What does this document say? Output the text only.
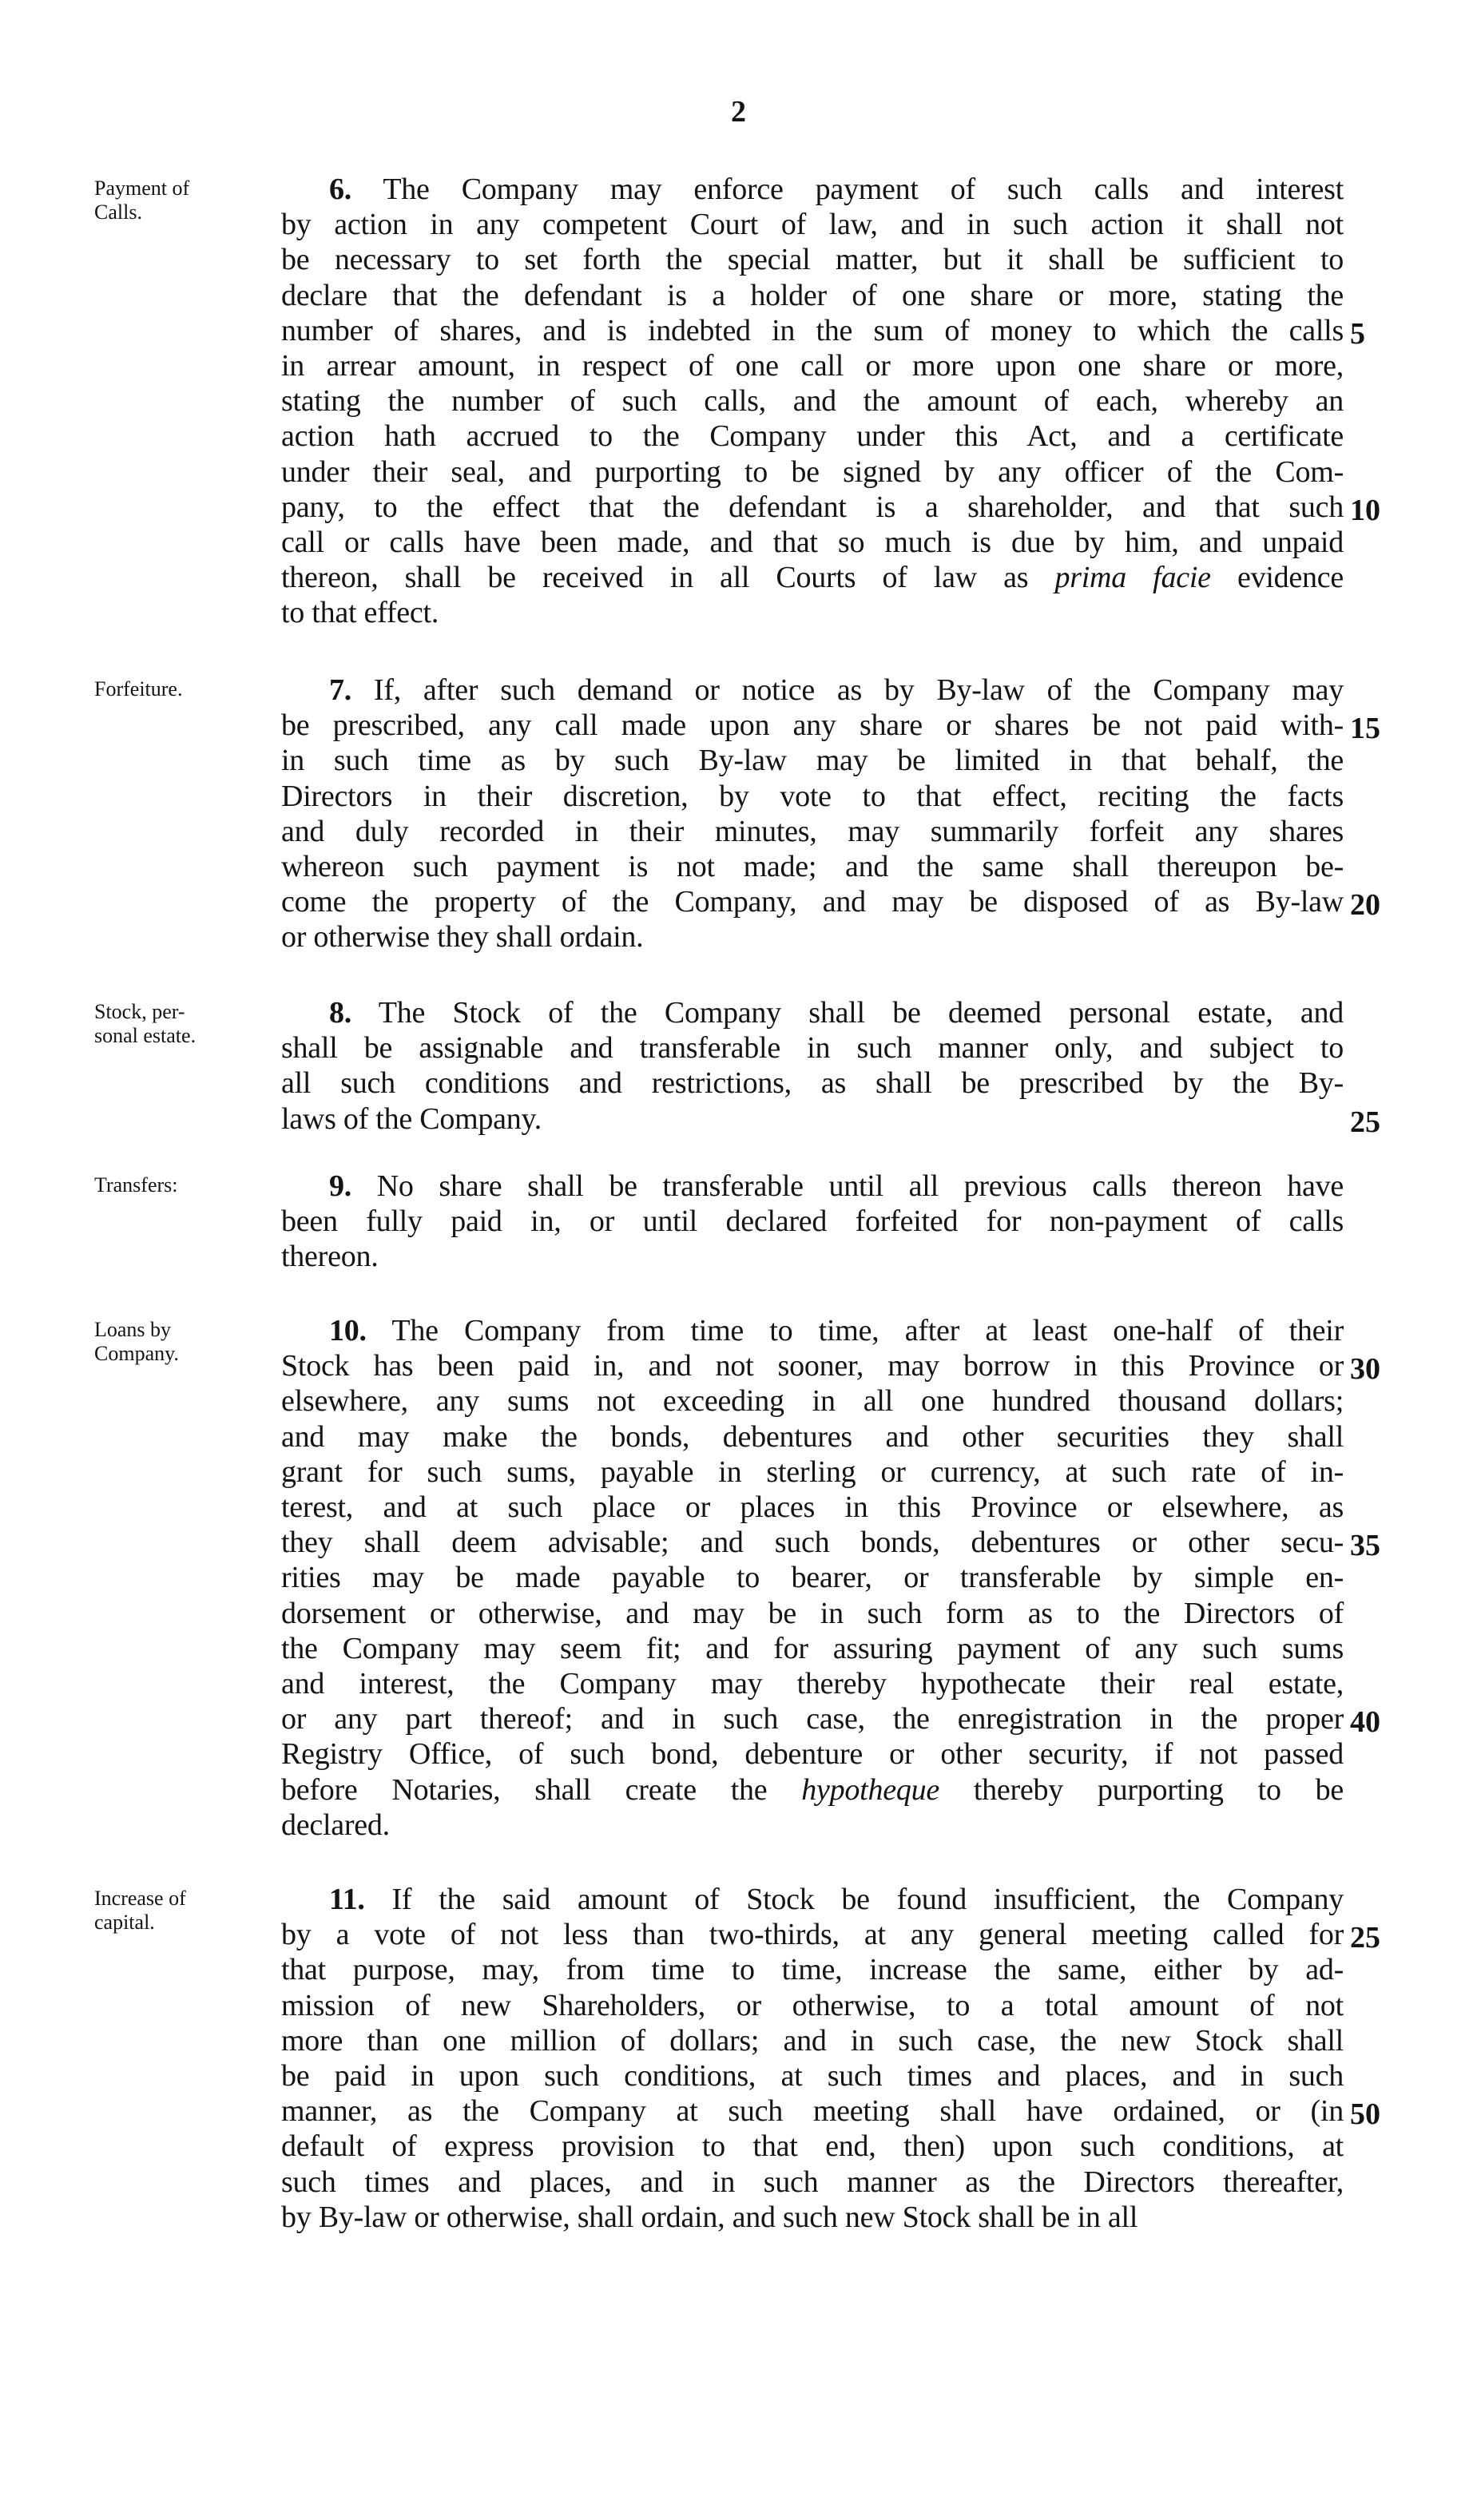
2
Payment of
Calls.
6. The Company may enforce payment of such calls and interest
by action in any competent Court of law, and in such action it shall not
be necessary to set forth the special matter, but it shall be sufficient to
declare that the defendant is a holder of one share or more, stating the
number of shares, and is indebted in the sum of money to which the calls
in arrear amount, in respect of one call or more upon one share or more,
stating the number of such calls, and the amount of each, whereby an
action hath accrued to the Company under this Act, and a certificate
under their seal, and purporting to be signed by any officer of the Com-
pany, to the effect that the defendant is a shareholder, and that such
call or calls have been made, and that so much is due by him, and unpaid
thereon, shall be received in all Courts of law as prima facie evidence
to that effect.
5
10
Forfeiture.	7. If, after such demand or notice as by By-law of the Company may
be prescribed, any call made upon any share or shares be not paid with-
in such time as by such By-law may be limited in that behalf, the
Directors in their discretion, by vote to that effect, reciting the facts
and duly recorded in their minutes, may summarily forfeit any shares
whereon such payment is not made; and the same shall thereupon be-
come the property of the Company, and may be disposed of as By-law
or otherwise they shall ordain.
15
20
Stock, per-
sonal estate.
8. The Stock of the Company shall be deemed personal estate, and
shall be assignable and transferable in such manner only, and subject to
all such conditions and restrictions, as shall be prescribed by the By-
laws of the Company.	25
Transfers:	9. No share shall be transferable until all previous calls thereon have
been fully paid in, or until declared forfeited for non-payment of calls
thereon.
Loans by
Company.
10. The Company from time to time, after at least one-half of their
Stock has been paid in, and not sooner, may borrow in this Province or
elsewhere, any sums not exceeding in all one hundred thousand dollars;
and may make the bonds, debentures and other securities they shall
grant for such sums, payable in sterling or currency, at such rate of in-
terest, and at such place or places in this Province or elsewhere, as
they shall deem advisable; and such bonds, debentures or other secu-
rities may be made payable to bearer, or transferable by simple en-
dorsement or otherwise, and may be in such form as to the Directors of
the Company may seem fit; and for assuring payment of any such sums
and interest, the Company may thereby hypothecate their real estate,
or any part thereof; and in such case, the enregistration in the proper
Registry Office, of such bond, debenture or other security, if not passed
before Notaries, shall create the hypotheque thereby purporting to be
declared.
30
35
40
Increase of
capital.
11. If the said amount of Stock be found insufficient, the Company
by a vote of not less than two-thirds, at any general meeting called for
that purpose, may, from time to time, increase the same, either by ad-
mission of new Shareholders, or otherwise, to a total amount of not
more than one million of dollars; and in such case, the new Stock shall
be paid in upon such conditions, at such times and places, and in such
manner, as the Company at such meeting shall have ordained, or (in
default of express provision to that end, then) upon such conditions, at
such times and places, and in such manner as the Directors thereafter,
by By-law or otherwise, shall ordain, and such new Stock shall be in all
25
50
